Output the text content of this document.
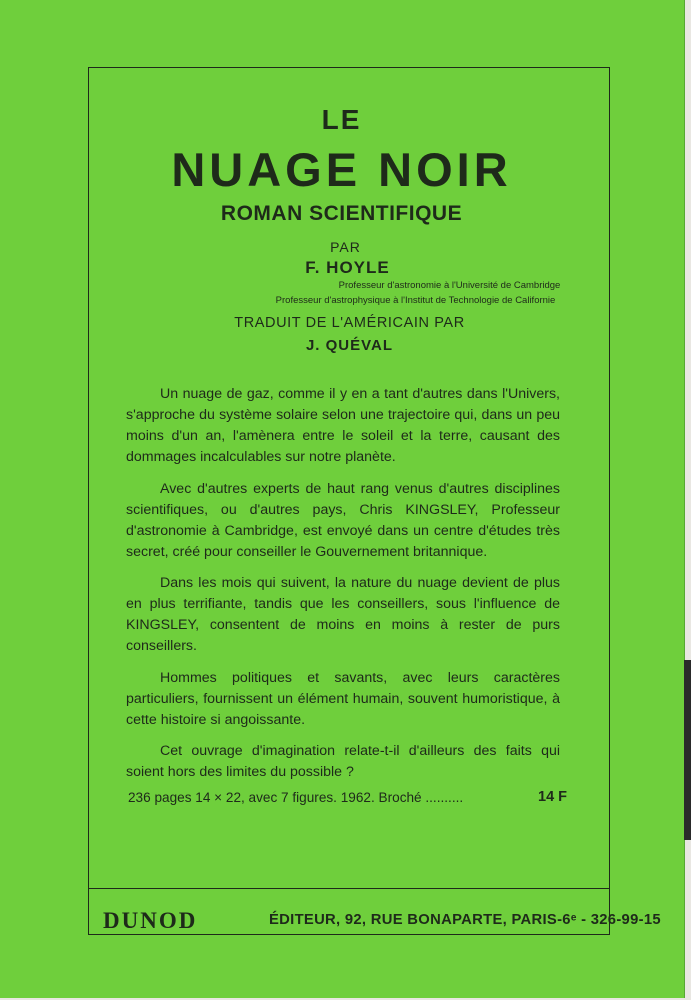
LE
NUAGE NOIR
ROMAN SCIENTIFIQUE
PAR
F. HOYLE
Professeur d'astronomie à l'Université de Cambridge
Professeur d'astrophysique à l'Institut de Technologie de Californie
TRADUIT DE L'AMÉRICAIN PAR
J. QUÉVAL

Un nuage de gaz, comme il y en a tant d'autres dans l'Univers, s'approche du système solaire selon une trajectoire qui, dans un peu moins d'un an, l'amènera entre le soleil et la terre, causant des dommages incalculables sur notre planète.

Avec d'autres experts de haut rang venus d'autres disciplines scientifiques, ou d'autres pays, Chris KINGSLEY, Professeur d'astronomie à Cambridge, est envoyé dans un centre d'études très secret, créé pour conseiller le Gouvernement britannique.

Dans les mois qui suivent, la nature du nuage devient de plus en plus terrifiante, tandis que les conseillers, sous l'influence de KINGSLEY, consentent de moins en moins à rester de purs conseillers.

Hommes politiques et savants, avec leurs caractères particuliers, fournissent un élément humain, souvent humoristique, à cette histoire si angoissante.

Cet ouvrage d'imagination relate-t-il d'ailleurs des faits qui soient hors des limites du possible ?

236 pages 14 × 22, avec 7 figures. 1962. Broché ..........	14 F
DUNOD	ÉDITEUR, 92, RUE BONAPARTE, PARIS-6ᵉ - 326-99-15
